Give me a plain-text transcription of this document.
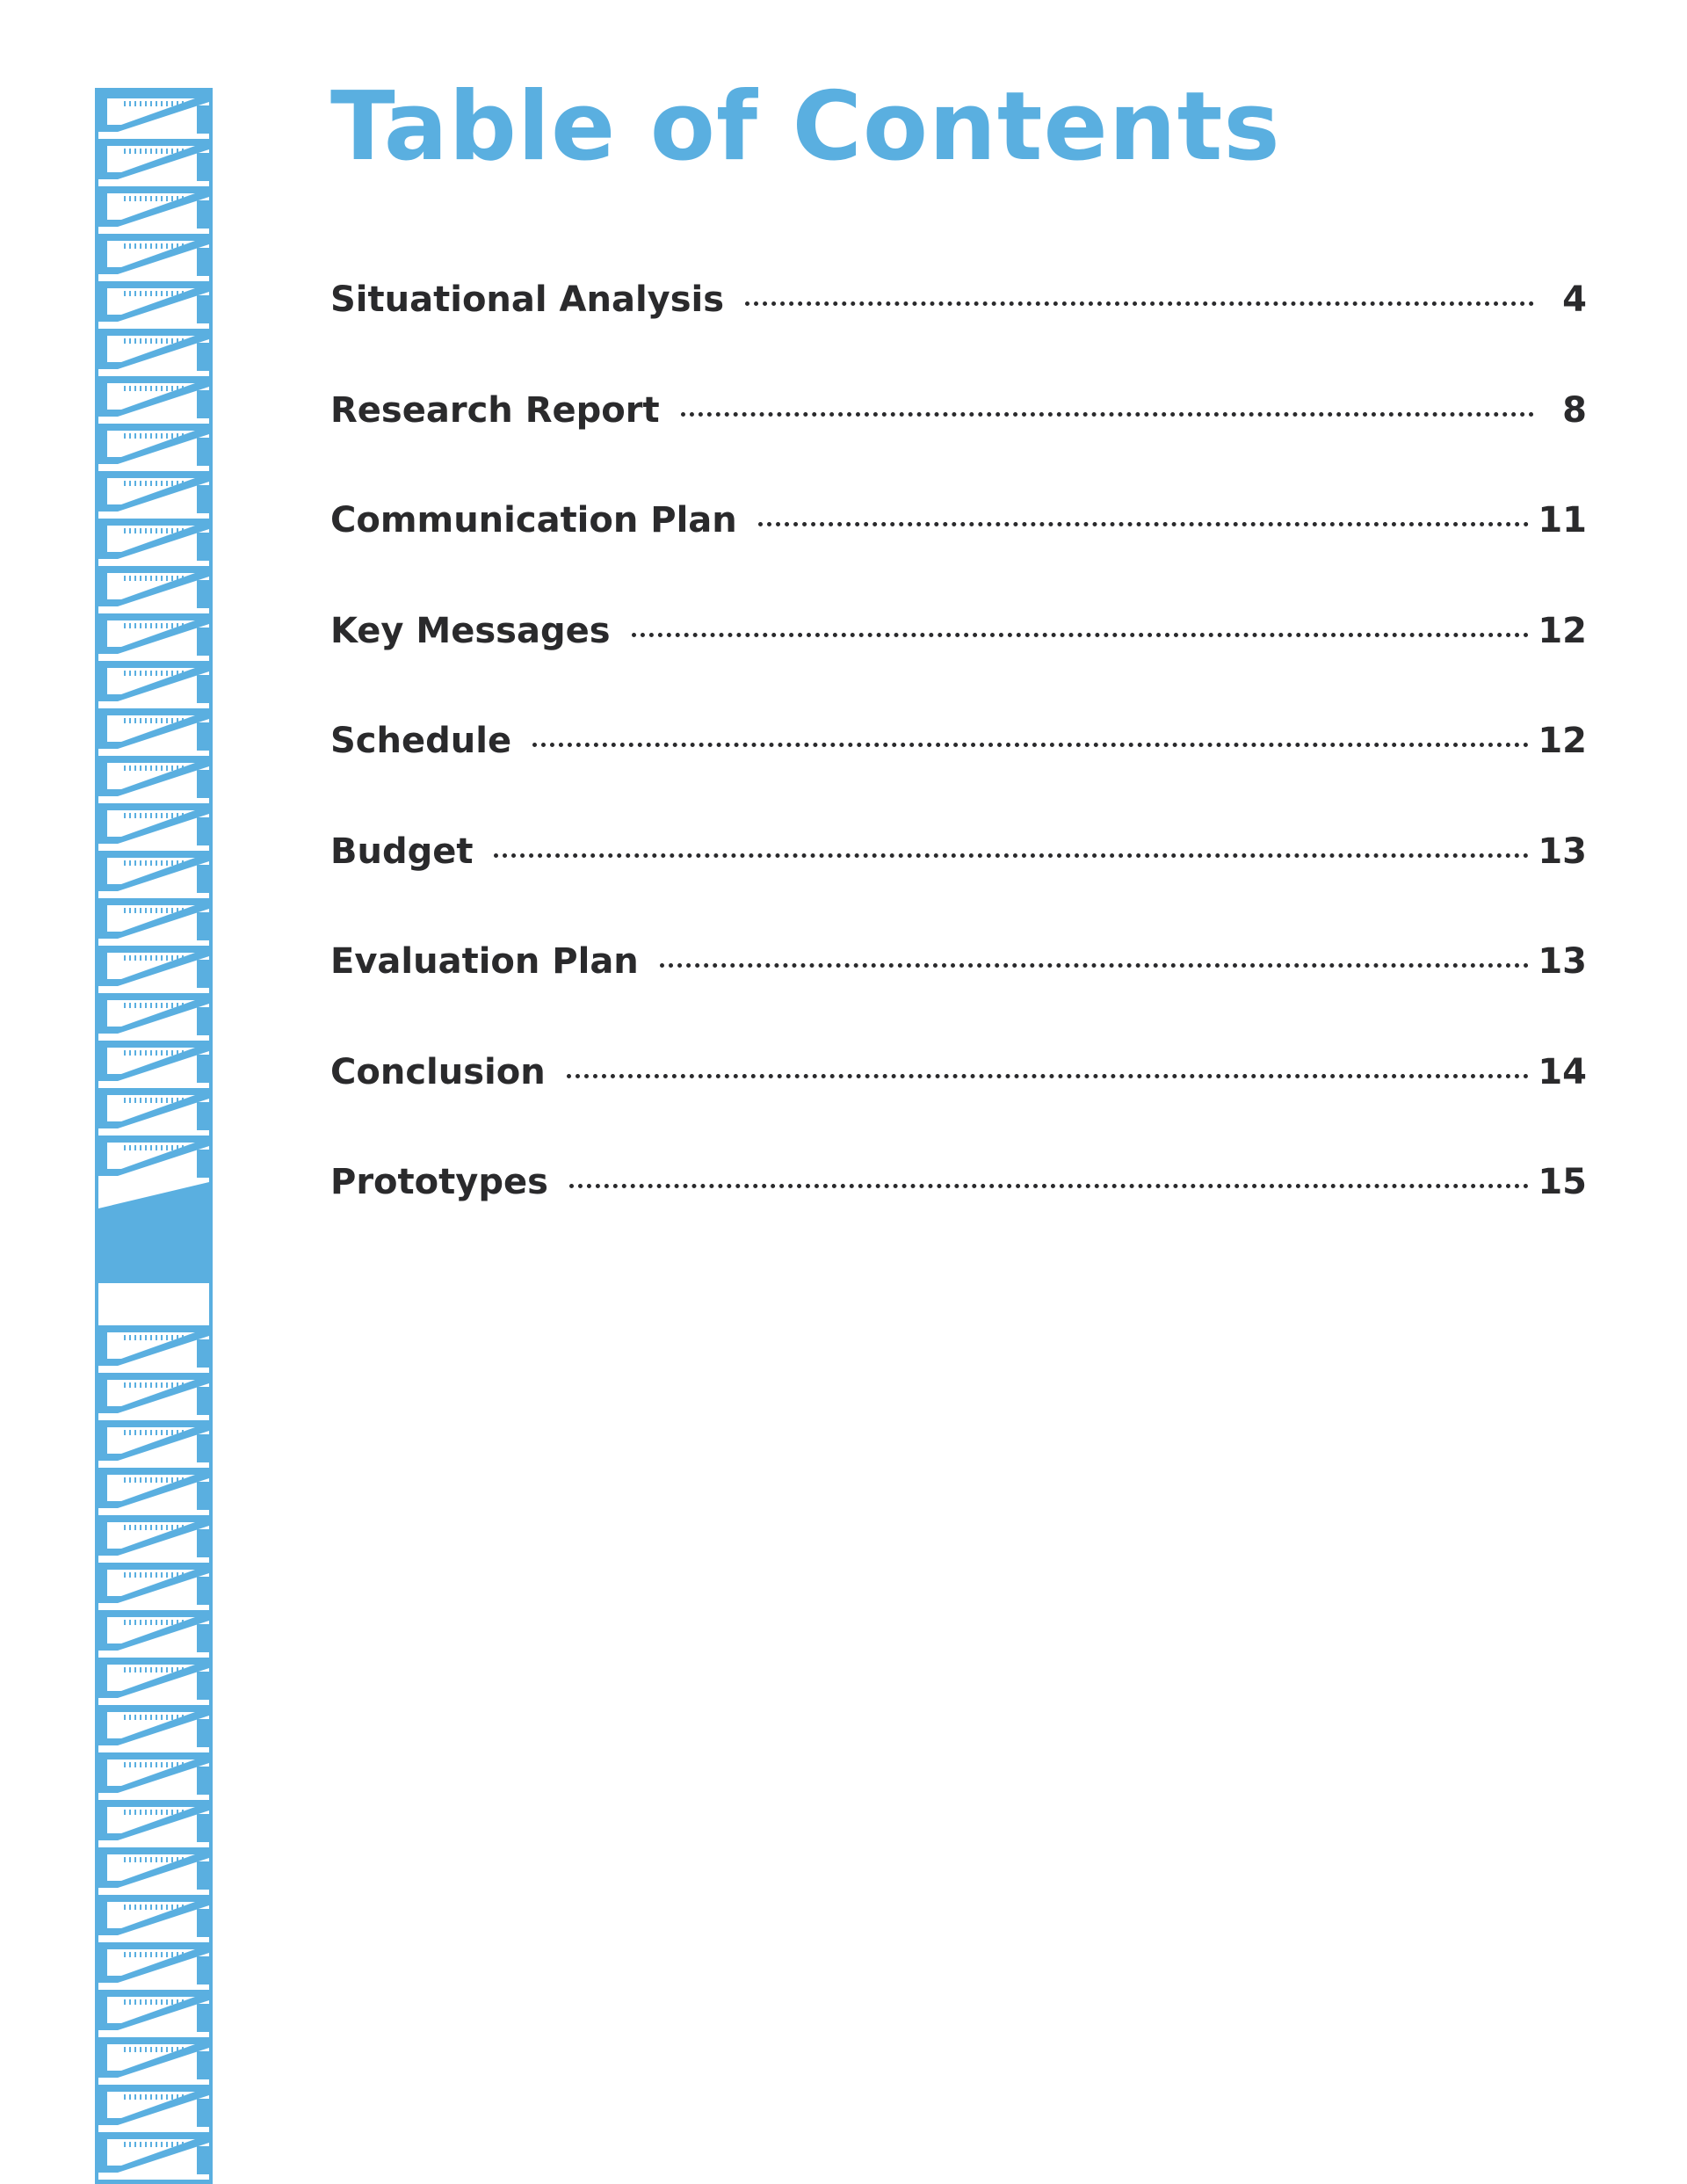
Table of Contents
Situational Analysis	4
Research Report	8
Communication Plan	11
Key Messages	12
Schedule	12
Budget	13
Evaluation Plan	13
Conclusion	14
Prototypes	15
